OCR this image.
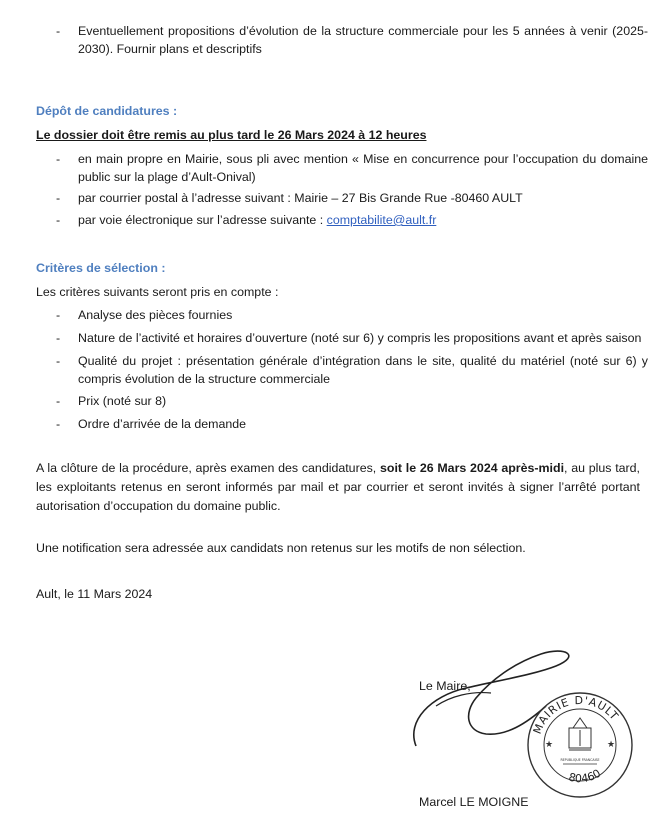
-	Eventuellement propositions d’évolution de la structure commerciale pour les 5 années à venir (2025-2030). Fournir plans et descriptifs
Dépôt de candidatures :
Le dossier doit être remis au plus tard le 26 Mars 2024 à 12 heures
-	en main propre en Mairie, sous pli avec mention « Mise en concurrence pour l’occupation du domaine public sur la plage d’Ault-Onival)
-	par courrier postal à l’adresse suivant : Mairie – 27 Bis Grande Rue -80460 AULT
-	par voie électronique sur l’adresse suivante : comptabilite@ault.fr
Critères de sélection :
Les critères suivants seront pris en compte :
-	Analyse des pièces fournies
-	Nature de l’activité et horaires d’ouverture (noté sur 6) y compris les propositions avant et après saison
-	Qualité du projet : présentation générale d’intégration dans le site, qualité du matériel (noté sur 6) y compris évolution de la structure commerciale
-	Prix (noté sur 8)
-	Ordre d’arrivée de la demande
A la clôture de la procédure, après examen des candidatures, soit le 26 Mars 2024 après-midi, au plus tard, les exploitants retenus en seront informés par mail et par courrier et seront invités à signer l’arrêté portant autorisation d’occupation du domaine public.
Une notification sera adressée aux candidats non retenus sur les motifs de non sélection.
Ault, le 11 Mars 2024
Le Maire,
Marcel LE MOIGNE
★	★
MAIRIE D'AULT
80460
REPUBLIQUE FRANCAISE
